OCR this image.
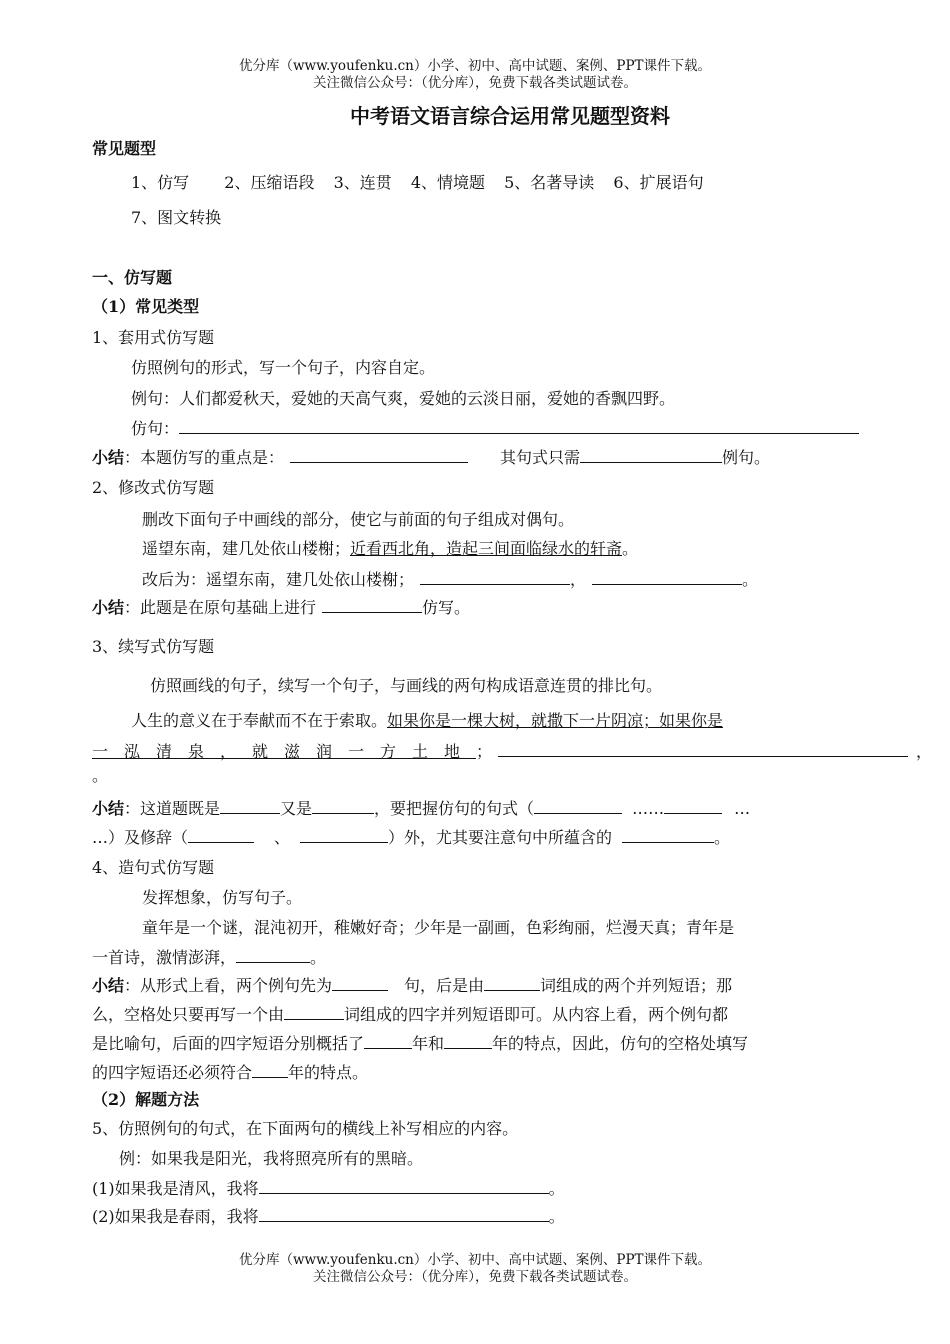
优分库（www.youfenku.cn）小学、初中、高中试题、案例、PPT课件下载。
关注微信公众号：（优分库），免费下载各类试题试卷。
中考语文语言综合运用常见题型资料
常见题型
1、仿写 2、压缩语段 3、连贯 4、情境题 5、名著导读 6、扩展语句
7、图文转换
一、仿写题
（1）常见类型
1、套用式仿写题
仿照例句的形式，写一个句子，内容自定。
例句：人们都爱秋天，爱她的天高气爽，爱她的云淡日丽，爱她的香飘四野。
仿句：
小结：本题仿写的重点是：	其句式只需	例句。
2、修改式仿写题
删改下面句子中画线的部分，使它与前面的句子组成对偶句。
遥望东南，建几处依山楼榭；近看西北角，造起三间面临绿水的轩斋。
改后为：遥望东南，建几处依山楼榭；	，	。
小结：此题是在原句基础上进行	仿写。
3、续写式仿写题
仿照画线的句子，续写一个句子，与画线的两句构成语意连贯的排比句。
人生的意义在于奉献而不在于索取。如果你是一棵大树，就撒下一片阴凉；如果你是
一泓清泉，就滋润一方土地；	，
。
小结：这道题既是	又是	，要把握仿句的句式（	……	…
…）及修辞（	、	）外，尤其要注意句中所蕴含的	。
4、造句式仿写题
发挥想象，仿写句子。
童年是一个谜，混沌初开，稚嫩好奇；少年是一副画，色彩绚丽，烂漫天真；青年是
一首诗，激情澎湃，	。
小结：从形式上看，两个例句先为	句，后是由	词组成的两个并列短语；那
么，空格处只要再写一个由	词组成的四字并列短语即可。从内容上看，两个例句都
是比喻句，后面的四字短语分别概括了	年和	年的特点，因此，仿句的空格处填写
的四字短语还必须符合 年的特点。
（2）解题方法
5、仿照例句的句式，在下面两句的横线上补写相应的内容。
例：如果我是阳光，我将照亮所有的黑暗。
(1)如果我是清风，我将	。
(2)如果我是春雨，我将	。
优分库（www.youfenku.cn）小学、初中、高中试题、案例、PPT课件下载。
关注微信公众号：（优分库），免费下载各类试题试卷。
